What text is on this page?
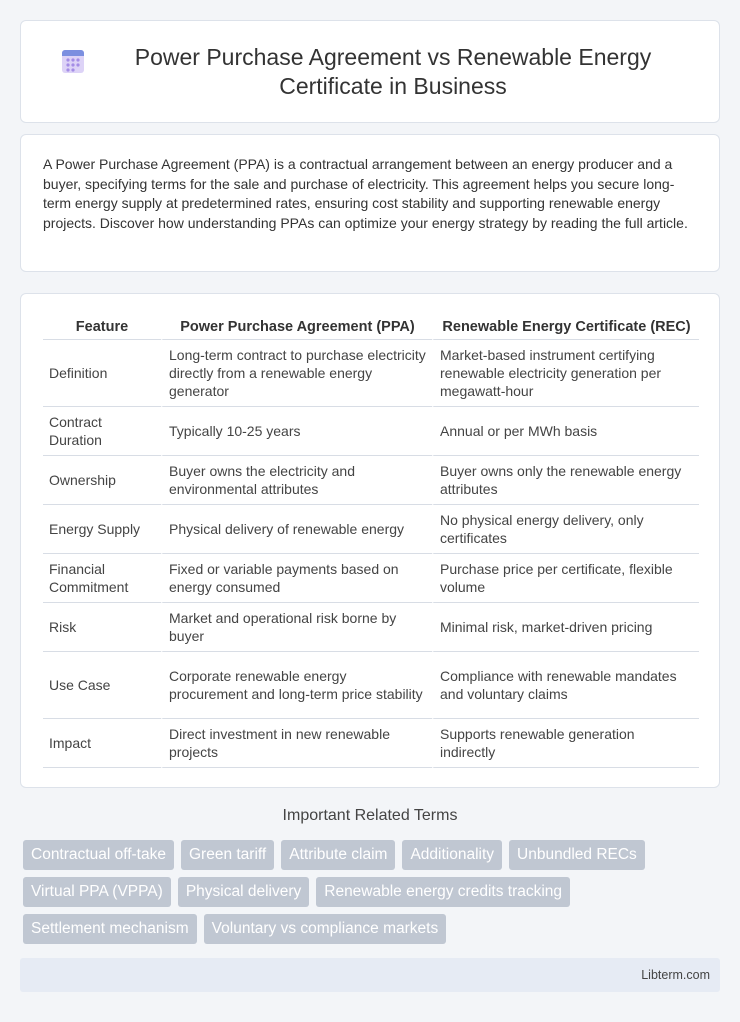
Power Purchase Agreement vs Renewable Energy Certificate in Business

A Power Purchase Agreement (PPA) is a contractual arrangement between an energy producer and a buyer, specifying terms for the sale and purchase of electricity. This agreement helps you secure long-term energy supply at predetermined rates, ensuring cost stability and supporting renewable energy projects. Discover how understanding PPAs can optimize your energy strategy by reading the full article.

Feature	Power Purchase Agreement (PPA)	Renewable Energy Certificate (REC)
Definition	Long-term contract to purchase electricity directly from a renewable energy generator	Market-based instrument certifying renewable electricity generation per megawatt-hour
Contract Duration	Typically 10-25 years	Annual or per MWh basis
Ownership	Buyer owns the electricity and environmental attributes	Buyer owns only the renewable energy attributes
Energy Supply	Physical delivery of renewable energy	No physical energy delivery, only certificates
Financial Commitment	Fixed or variable payments based on energy consumed	Purchase price per certificate, flexible volume
Risk	Market and operational risk borne by buyer	Minimal risk, market-driven pricing
Use Case	Corporate renewable energy procurement and long-term price stability	Compliance with renewable mandates and voluntary claims
Impact	Direct investment in new renewable projects	Supports renewable generation indirectly
Important Related Terms
Contractual off-take	Green tariff	Attribute claim	Additionality	Unbundled RECs
Virtual PPA (VPPA)	Physical delivery	Renewable energy credits tracking
Settlement mechanism	Voluntary vs compliance markets
Libterm.com
